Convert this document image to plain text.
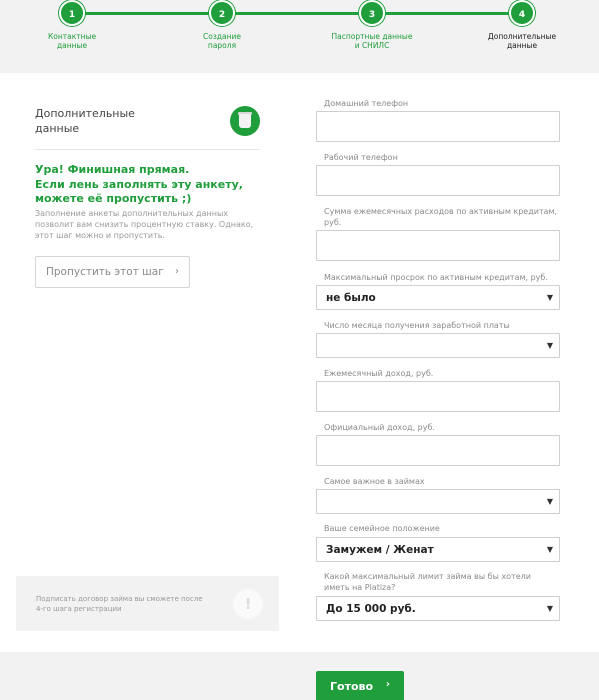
1
Контактные
данные
2
Создание
пароля
3
Паспортные данные
и СНИЛС
4
Дополнительные
данные
Дополнительные
данные
Ура! Финишная прямая.
Если лень заполнять эту анкету,
можете её пропустить ;)
Заполнение анкеты дополнительных данных позволит вам снизить процентную ставку. Однако, этот шаг можно и пропустить.
Пропустить этот шаг ›
Подписать договор займа вы сможете после 4-го шага регистрации	!
Домашний телефон
Рабочий телефон
Сумма ежемесячных расходов по активным кредитам, руб.
Максимальный просрок по активным кредитам, руб.
не было	▼
Число месяца получения заработной платы
▼
Ежемесячный доход, руб.
Официальный доход, руб.
Самое важное в займах
▼
Ваше семейное положение
Замужем / Женат	▼
Какой максимальный лимит займа вы бы хотели иметь на Platiza?
До 15 000 руб.	▼
Готово ›
